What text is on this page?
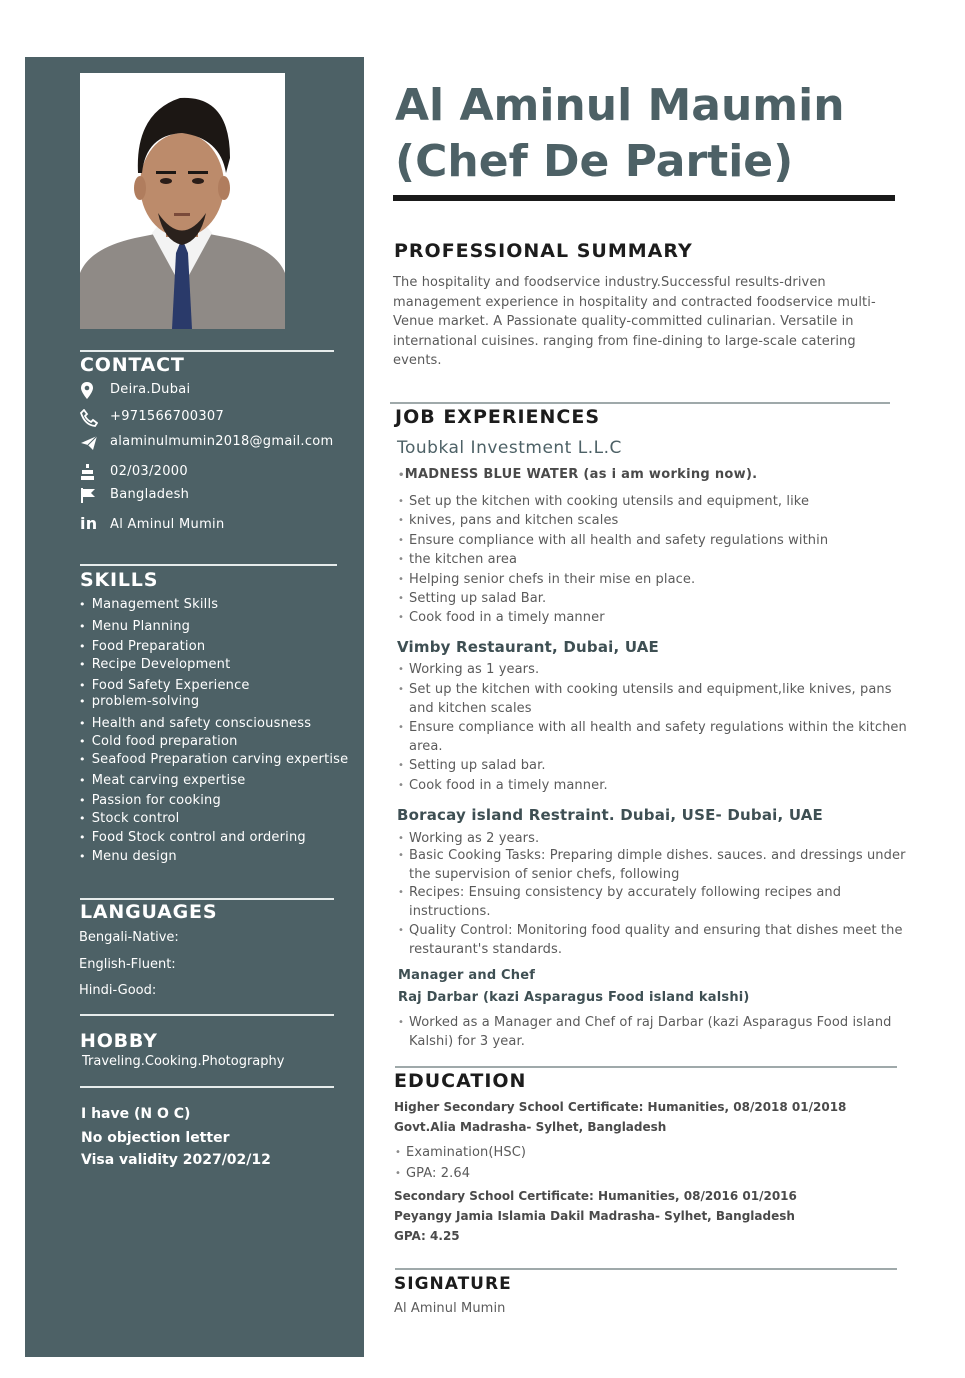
CONTACT
Deira.Dubai
+971566700307
alaminulmumin2018@gmail.com
02/03/2000
Bangladesh
in Al Aminul Mumin
SKILLS
• Management Skills
• Menu Planning
• Food Preparation
• Recipe Development
• Food Safety Experience
• problem-solving
• Health and safety consciousness
• Cold food preparation
• Seafood Preparation carving expertise
• Meat carving expertise
• Passion for cooking
• Stock control
• Food Stock control and ordering
• Menu design
LANGUAGES
Bengali-Native:
English-Fluent:
Hindi-Good:
HOBBY
Traveling.Cooking.Photography
I have (N O C)
No objection letter
Visa validity 2027/02/12
Al Aminul Maumin
(Chef De Partie)
PROFESSIONAL SUMMARY
The hospitality and foodservice industry.Successful results-driven
management experience in hospitality and contracted foodservice multi-
Venue market. A Passionate quality-committed culinarian. Versatile in
international cuisines. ranging from fine-dining to large-scale catering
events.
JOB EXPERIENCES
Toubkal Investment L.L.C
• MADNESS BLUE WATER (as i am working now).
• Set up the kitchen with cooking utensils and equipment, like
• knives, pans and kitchen scales
• Ensure compliance with all health and safety regulations within
• the kitchen area
• Helping senior chefs in their mise en place.
• Setting up salad Bar.
• Cook food in a timely manner
Vimby Restaurant, Dubai, UAE
• Working as 1 years.
• Set up the kitchen with cooking utensils and equipment,like knives, pans and kitchen scales
• Ensure compliance with all health and safety regulations within the kitchen area.
• Setting up salad bar.
• Cook food in a timely manner.
Boracay island Restraint. Dubai, USE- Dubai, UAE
• Working as 2 years.
• Basic Cooking Tasks: Preparing dimple dishes. sauces. and dressings under the supervision of senior chefs, following
• Recipes: Ensuing consistency by accurately following recipes and instructions.
• Quality Control: Monitoring food quality and ensuring that dishes meet the restaurant's standards.
Manager and Chef
Raj Darbar (kazi Asparagus Food island kalshi)
• Worked as a Manager and Chef of raj Darbar (kazi Asparagus Food island Kalshi) for 3 year.
EDUCATION
Higher Secondary School Certificate: Humanities, 08/2018 01/2018
Govt.Alia Madrasha- Sylhet, Bangladesh
• Examination(HSC)
• GPA: 2.64
Secondary School Certificate: Humanities, 08/2016 01/2016
Peyangy Jamia Islamia Dakil Madrasha- Sylhet, Bangladesh
GPA: 4.25
SIGNATURE
Al Aminul Mumin
